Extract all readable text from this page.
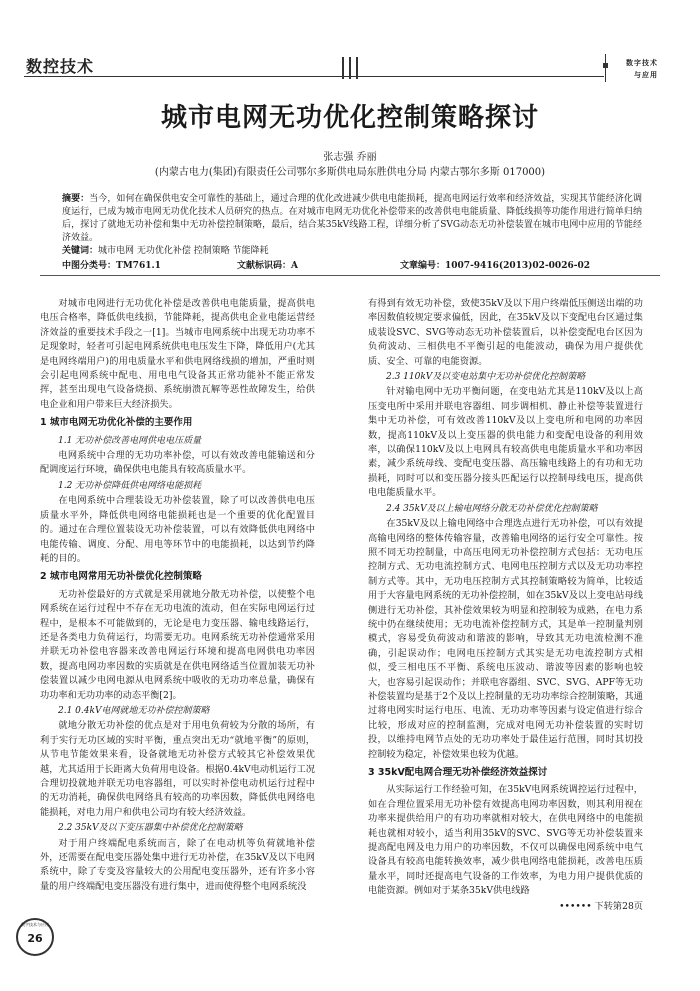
数控技术	数字技术
与应用
城市电网无功优化控制策略探讨
张志强 乔丽
(内蒙古电力(集团)有限责任公司鄂尔多斯供电局东胜供电分局 内蒙古鄂尔多斯 017000)
摘要：当今，如何在确保供电安全可靠性的基础上，通过合理的优化改进减少供电电能损耗，提高电网运行效率和经济效益，实现其节能经济化调度运行，已成为城市电网无功优化技术人员研究的热点。在对城市电网无功优化补偿带来的改善供电电能质量、降低线损等功能作用进行简单归纳后，探讨了就地无功补偿和集中无功补偿控制策略，最后，结合某35kV线路工程，详细分析了SVG动态无功补偿装置在城市电网中应用的节能经济效益。
关键词：城市电网 无功优化补偿 控制策略 节能降耗
中图分类号：TM761.1	文献标识码：A	文章编号：1007-9416(2013)02-0026-02

对城市电网进行无功优化补偿是改善供电电能质量，提高供电电压合格率，降低供电线损，节能降耗，提高供电企业电能运营经济效益的重要技术手段之一[1]。当城市电网系统中出现无功功率不足现象时，轻者可引起电网系统供电电压发生下降，降低用户(尤其是电网终端用户)的用电质量水平和供电网络线损的增加，严重时则会引起电网系统中配电、用电电气设备其正常功能补不能正常发挥，甚至出现电气设备烧损、系统崩溃瓦解等恶性故障发生，给供电企业和用户带来巨大经济损失。

1 城市电网无功优化补偿的主要作用
1.1 无功补偿改善电网供电电压质量

电网系统中合理的无功功率补偿，可以有效改善电能输送和分配调度运行环境，确保供电电能具有较高质量水平。

1.2 无功补偿降低供电网络电能损耗

在电网系统中合理装设无功补偿装置，除了可以改善供电电压质量水平外，降低供电网络电能损耗也是一个重要的优化配置目的。通过在合理位置装设无功补偿装置，可以有效降低供电网络中电能传输、调度、分配、用电等环节中的电能损耗，以达到节约降耗的目的。

2 城市电网常用无功补偿优化控制策略

无功补偿最好的方式就是采用就地分散无功补偿，以使整个电网系统在运行过程中不存在无功电流的流动，但在实际电网运行过程中，是根本不可能做到的，无论是电力变压器、输电线路运行，还是各类电力负荷运行，均需要无功。电网系统无功补偿通常采用并联无功补偿电容器来改善电网运行环境和提高电网供电功率因数，提高电网功率因数的实质就是在供电网络适当位置加装无功补偿装置以减少电网电源从电网系统中吸收的无功功率总量，确保有功功率和无功功率的动态平衡[2]。

2.1 0.4kV电网就地无功补偿控制策略

就地分散无功补偿的优点是对于用电负荷较为分散的场所，有利于实行无功区域的实时平衡，重点突出无功“就地平衡”的原则，从节电节能效果来看，设备就地无功补偿方式较其它补偿效果优越，尤其适用于长距离大负荷用电设备。根据0.4kV电动机运行工况合理切投就地并联无功电容器组，可以实时补偿电动机运行过程中的无功消耗，确保供电网络具有较高的功率因数，降低供电网络电能损耗，对电力用户和供电公司均有较大经济效益。

2.2 35kV及以下变压器集中补偿优化控制策略

对于用户终端配电系统而言，除了在电动机等负荷就地补偿外，还需要在配电变压器处集中进行无功补偿，在35kV及以下电网系统中，除了专变及容量较大的公用配电变压器外，还有许多小容量的用户终端配电变压器没有进行集中，进而使得整个电网系统没

有得到有效无功补偿，致使35kV及以下用户终端低压侧送出端的功率因数值较规定要求偏低，因此，在35kV及以下变配电台区通过集成装设SVC、SVG等动态无功补偿装置后，以补偿变配电台区因为负荷波动、三相供电不平衡引起的电能波动，确保为用户提供优质、安全、可靠的电能资源。

2.3 110kV及以变电站集中无功补偿优化控制策略

针对输电网中无功平衡问题，在变电站尤其是110kV及以上高压变电所中采用并联电容器组、同步调相机、静止补偿等装置进行集中无功补偿，可有效改善110kV及以上变电所和电网的功率因数，提高110kV及以上变压器的供电能力和变配电设备的利用效率，以确保110kV及以上电网具有较高供电电能质量水平和功率因素，减少系统母线、变配电变压器、高压输电线路上的有功和无功损耗，同时可以和变压器分接头匹配运行以控制母线电压，提高供电电能质量水平。

2.4 35kV及以上输电网络分散无功补偿优化控制策略

在35kV及以上输电网络中合理选点进行无功补偿，可以有效提高输电网络的整体传输容量，改善输电网络的运行安全可靠性。按照不同无功控制量，中高压电网无功补偿控制方式包括：无功电压控制方式、无功电流控制方式、电网电压控制方式以及无功功率控制方式等。其中，无功电压控制方式其控制策略较为简单，比较适用于大容量电网系统的无功补偿控制，如在35kV及以上变电站母线侧进行无功补偿，其补偿效果较为明显和控制较为成熟，在电力系统中仍在继续使用；无功电流补偿控制方式，其是单一控制量判别模式，容易受负荷波动和谐波的影响，导致其无功电流检测不准确，引起误动作；电网电压控制方式其实是无功电流控制方式相似，受三相电压不平衡、系统电压波动、谐波等因素的影响也较大，也容易引起误动作；并联电容器组、SVC、SVG、APF等无功补偿装置均是基于2个及以上控制量的无功功率综合控制策略，其通过将电网实时运行电压、电流、无功功率等因素与设定值进行综合比较，形成对应的控制监测，完成对电网无功补偿装置的实时切投，以维持电网节点处的无功功率处于最佳运行范围，同时其切投控制较为稳定，补偿效果也较为优越。

3 35kV配电网合理无功补偿经济效益探讨

从实际运行工作经验可知，在35kV电网系统调控运行过程中，如在合理位置采用无功补偿有效提高电网功率因数，则其利用视在功率来提供给用户的有功功率就相对较大，在供电网络中的电能损耗也就相对较小，适当利用35kV的SVC、SVG等无功补偿装置来提高配电网及电力用户的功率因数，不仅可以确保电网系统中电气设备具有较高电能转换效率，减少供电网络电能损耗，改善电压质量水平，同时还提高电气设备的工作效率，为电力用户提供优质的电能资源。例如对于某条35kV供电线路

•••••• 下转第28页
数字技术与应用
26
